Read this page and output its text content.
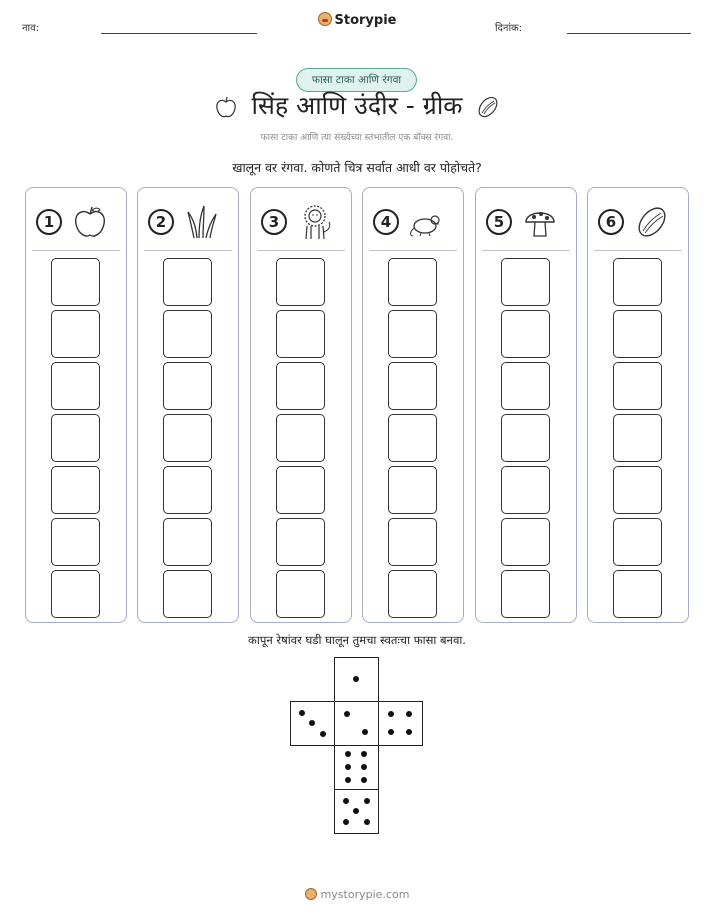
नाव:
Storypie
दिनांक:
फासा टाका आणि रंगवा
सिंह आणि उंदीर - ग्रीक
फासा टाका आणि त्या संख्येच्या स्तंभातील एक बॉक्स रंगवा.
खालून वर रंगवा. कोणते चित्र सर्वात आधी वर पोहोचते?
1	2	3	4	5	6
कापून रेषांवर घडी घालून तुमचा स्वतःचा फासा बनवा.
mystorypie.com
